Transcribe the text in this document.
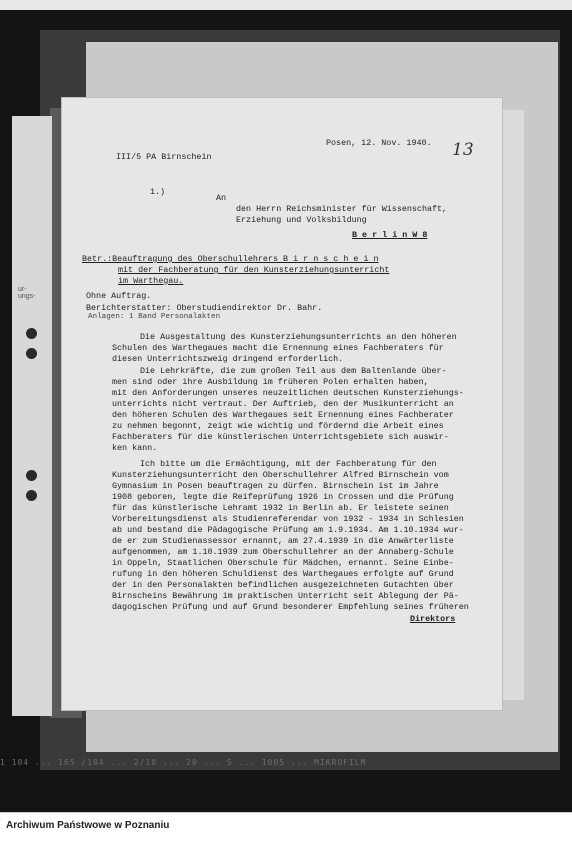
ur-
ungs-
Posen, 12. Nov. 1940. 13
III/5 PA Birnschein
1.)
An
den Herrn Reichsminister für Wissenschaft,
Erziehung und Volksbildung
B e r l i n W 8
Betr.:Beauftragung des Oberschullehrers B i r n s c h e i n
mit der Fachberatung für den Kunsterziehungsunterricht
im Warthegau.
Ohne Auftrag.
Berichterstatter: Oberstudiendirektor Dr. Bahr.
Anlagen: 1 Band Personalakten
Die Ausgestaltung des Kunsterziehungsunterrichts an den höheren
Schulen des Warthegaues macht die Ernennung eines Fachberaters für
diesen Unterrichtszweig dringend erforderlich.
Die Lehrkräfte, die zum großen Teil aus dem Baltenlande über-
men sind oder ihre Ausbildung im früheren Polen erhalten haben,
mit den Anforderungen unseres neuzeitlichen deutschen Kunsterziehungs-
unterrichts nicht vertraut. Der Auftrieb, den der Musikunterricht an
den höheren Schulen des Warthegaues seit Ernennung eines Fachberater
zu nehmen begonnt, zeigt wie wichtig und fördernd die Arbeit eines
Fachberaters für die künstlerischen Unterrichtsgebiete sich auswir-
ken kann.
Ich bitte um die Ermächtigung, mit der Fachberatung für den
Kunsterziehungsunterricht den Oberschullehrer Alfred Birnschein vom
Gymnasium in Posen beauftragen zu dürfen. Birnschein ist im Jahre
1908 geboren, legte die Reifeprüfung 1926 in Crossen und die Prüfung
für das künstlerische Lehramt 1932 in Berlin ab. Er leistete seinen
Vorbereitungsdienst als Studienreferendar von 1932 - 1934 in Schlesien
ab und bestand die Pädagogische Prüfung am 1.9.1934. Am 1.10.1934 wur-
de er zum Studienassessor ernannt, am 27.4.1939 in die Anwärterliste
aufgenommen, am 1.10.1939 zum Oberschullehrer an der Annaberg-Schule
in Oppeln, Staatlichen Oberschule für Mädchen, ernannt. Seine Einbe-
rufung in den höheren Schuldienst des Warthegaues erfolgte auf Grund
der in den Personalakten befindlichen ausgezeichneten Gutachten über
Birnscheins Bewährung im praktischen Unterricht seit Ablegung der Pä-
dagogischen Prüfung und auf Grund besonderer Empfehlung seines früheren
Direktors
1 104 ... 165 /104 ... 2/10 ... 20 ... S ... 1005 ... MIKROFILM
Archiwum Państwowe w Poznaniu
